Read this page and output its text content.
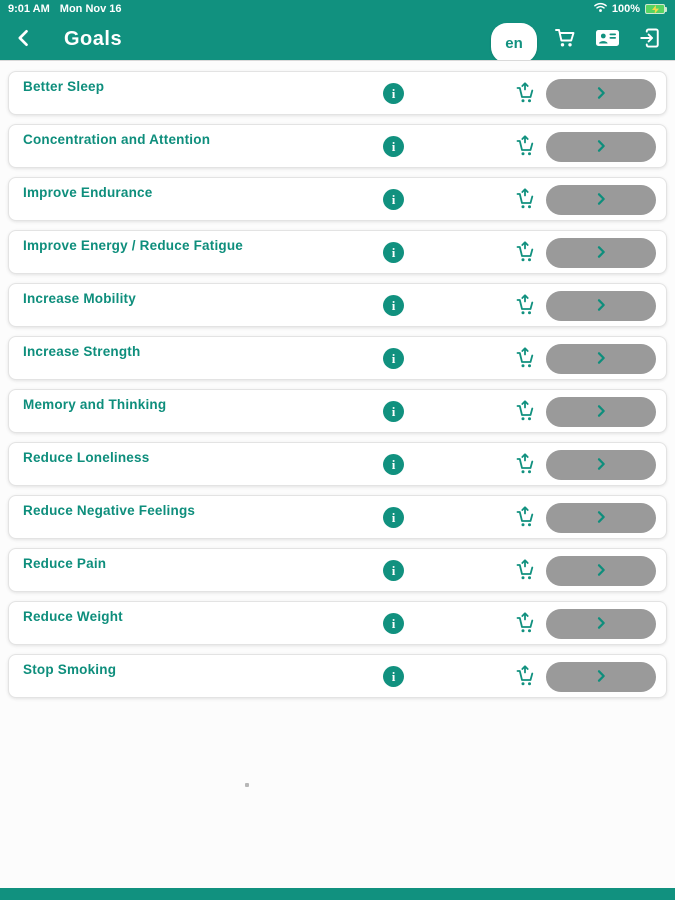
9:01 AM Mon Nov 16	100%
Goals	en
Better Sleep	i
Concentration and Attention	i
Improve Endurance	i
Improve Energy / Reduce Fatigue	i
Increase Mobility	i
Increase Strength	i
Memory and Thinking	i
Reduce Loneliness	i
Reduce Negative Feelings	i
Reduce Pain	i
Reduce Weight	i
Stop Smoking	i
